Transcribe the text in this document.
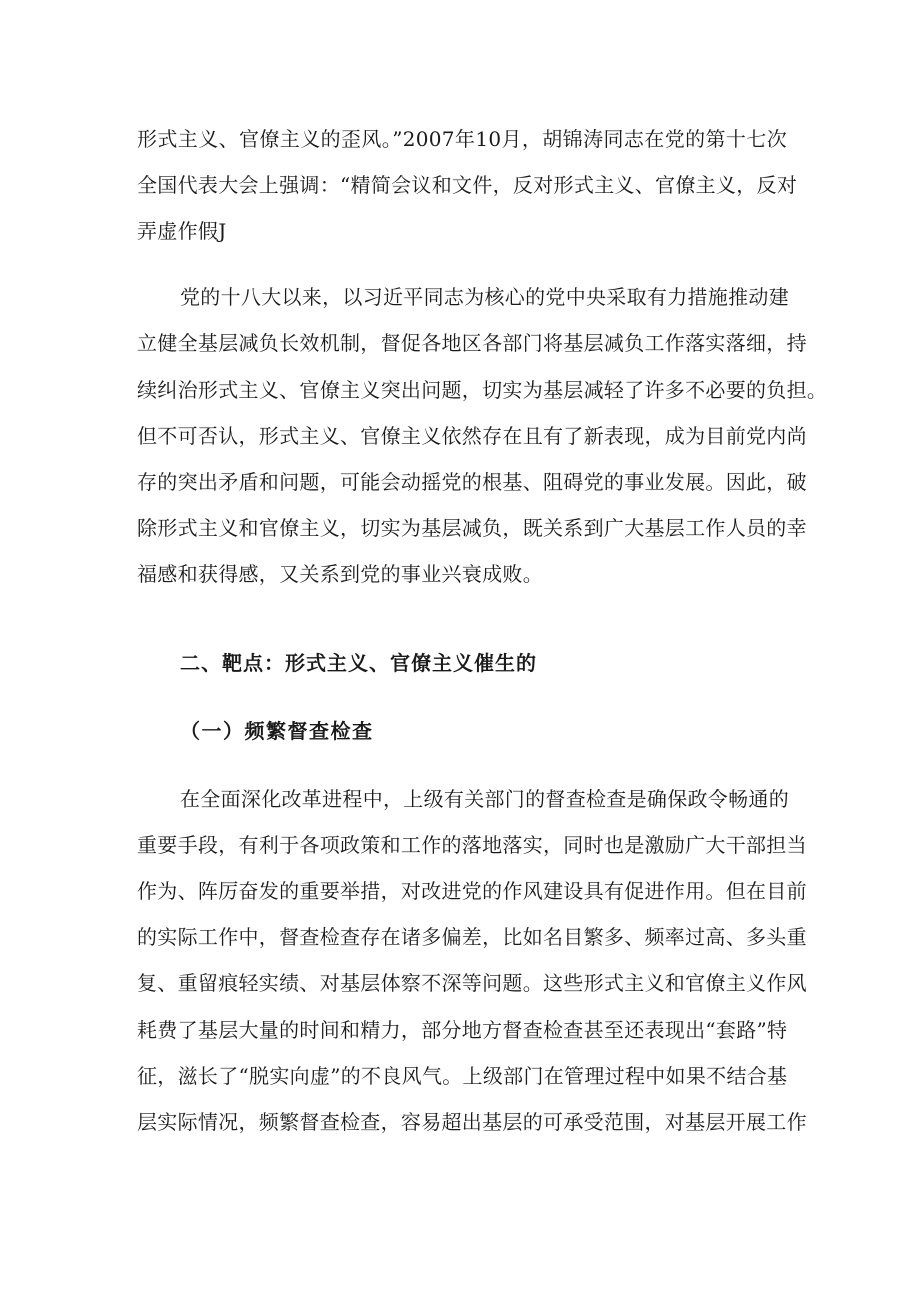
形式主义、官僚主义的歪风。”2007年10月，胡锦涛同志在党的第十七次
全国代表大会上强调：“精简会议和文件，反对形式主义、官僚主义，反对
弄虚作假J
党的十八大以来，以习近平同志为核心的党中央采取有力措施推动建
立健全基层减负长效机制，督促各地区各部门将基层减负工作落实落细，持
续纠治形式主义、官僚主义突出问题，切实为基层减轻了许多不必要的负担。
但不可否认，形式主义、官僚主义依然存在且有了新表现，成为目前党内尚
存的突出矛盾和问题，可能会动摇党的根基、阻碍党的事业发展。因此，破
除形式主义和官僚主义，切实为基层减负，既关系到广大基层工作人员的幸
福感和获得感，又关系到党的事业兴衰成败。
二、靶点：形式主义、官僚主义催生的
（一）频繁督查检查
在全面深化改革进程中，上级有关部门的督查检查是确保政令畅通的
重要手段，有利于各项政策和工作的落地落实，同时也是激励广大干部担当
作为、阵厉奋发的重要举措，对改进党的作风建设具有促进作用。但在目前
的实际工作中，督查检查存在诸多偏差，比如名目繁多、频率过高、多头重
复、重留痕轻实绩、对基层体察不深等问题。这些形式主义和官僚主义作风
耗费了基层大量的时间和精力，部分地方督查检查甚至还表现出“套路”特
征，滋长了“脱实向虚”的不良风气。上级部门在管理过程中如果不结合基
层实际情况，频繁督查检查，容易超出基层的可承受范围，对基层开展工作
